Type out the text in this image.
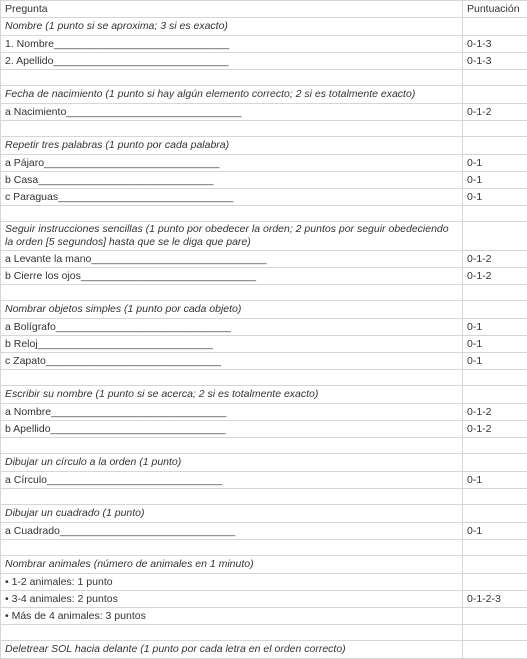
Pregunta	Puntuación
Nombre (1 punto si se aproxima; 3 si es exacto)	
1. Nombre______________________________	0-1-3
2. Apellido______________________________	0-1-3

Fecha de nacimiento (1 punto si hay algún elemento correcto; 2 si es totalmente exacto)	
a Nacimiento______________________________	0-1-2

Repetir tres palabras (1 punto por cada palabra)	
a Pájaro______________________________	0-1
b Casa______________________________	0-1
c Paraguas______________________________	0-1

Seguir instrucciones sencillas (1 punto por obedecer la orden; 2 puntos por seguir obedeciendo la orden [5 segundos] hasta que se le diga que pare)	
a Levante la mano______________________________	0-1-2
b Cierre los ojos______________________________	0-1-2

Nombrar objetos simples (1 punto por cada objeto)	
a Bolígrafo______________________________	0-1
b Reloj______________________________	0-1
c Zapato______________________________	0-1

Escribir su nombre (1 punto si se acerca; 2 si es totalmente exacto)	
a Nombre______________________________	0-1-2
b Apellido______________________________	0-1-2

Dibujar un círculo a la orden (1 punto)	
a Círculo______________________________	0-1

Dibujar un cuadrado (1 punto)	
a Cuadrado______________________________	0-1

Nombrar animales (número de animales en 1 minuto)	
• 1-2 animales: 1 punto	
• 3-4 animales: 2 puntos	0-1-2-3
• Más de 4 animales: 3 puntos	

Deletrear SOL hacia delante (1 punto por cada letra en el orden correcto)	
